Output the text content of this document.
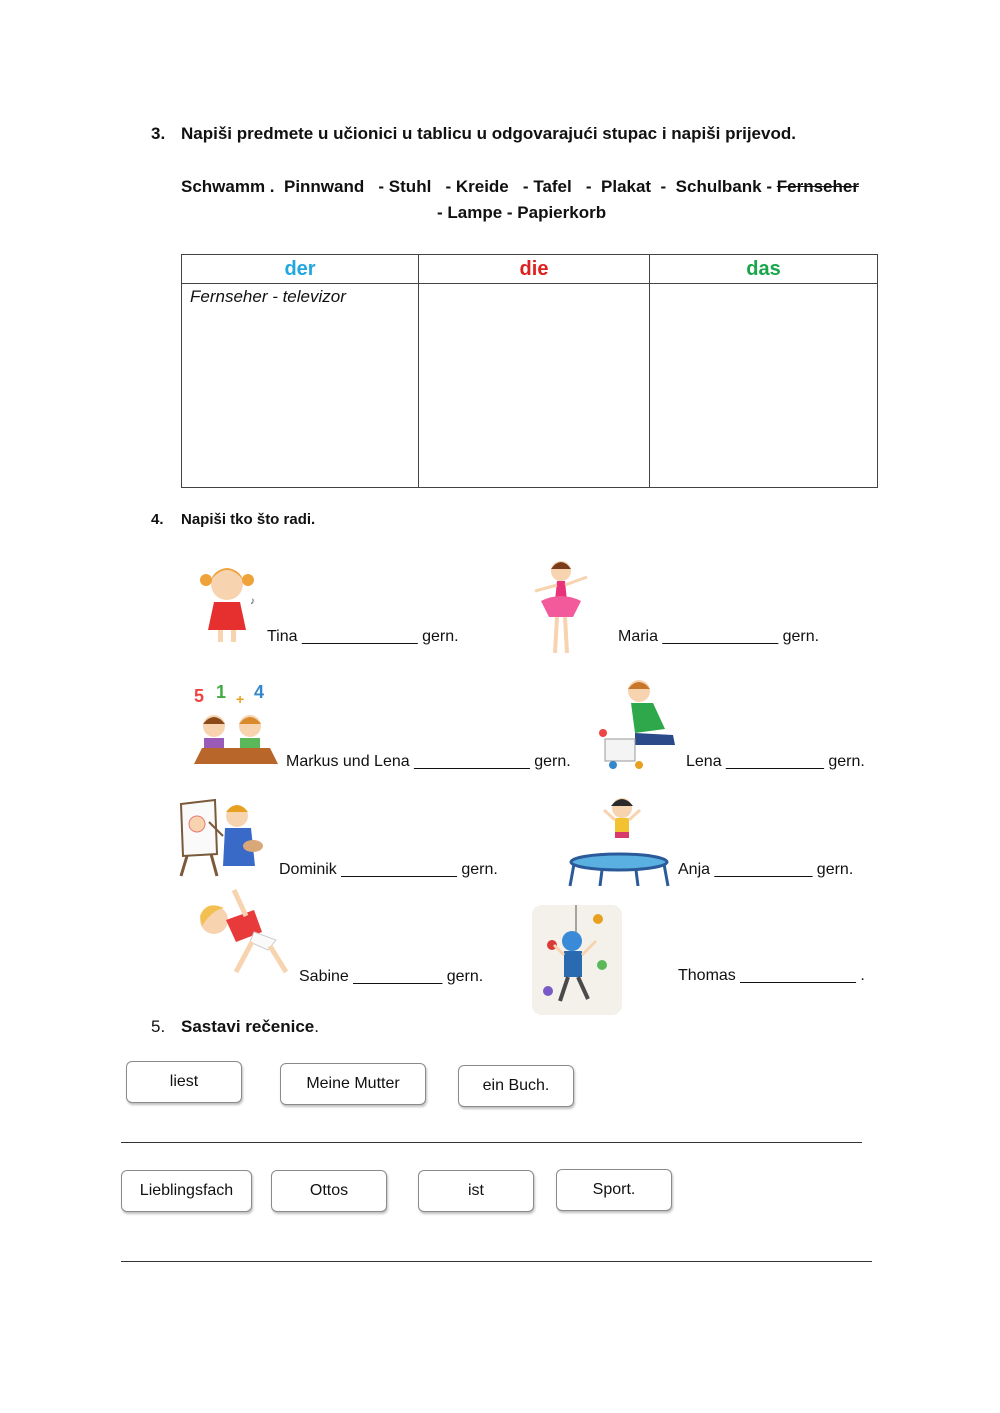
3. Napiši predmete u učionici u tablicu u odgovarajući stupac i napiši prijevod.
Schwamm .  Pinnwand   - Stuhl   - Kreide   - Tafel   -  Plakat  -  Schulbank - Fernseher
- Lampe - Papierkorb
der	die	das
Fernseher - televizor		
4. Napiši tko što radi.
♪
Tina _____________ gern.	Maria _____________ gern.
5 1 + 4
Markus und Lena _____________ gern.	Lena ___________ gern.
Dominik _____________ gern.	Anja ___________ gern.
Sabine __________ gern.	Thomas _____________ .
5. Sastavi rečenice.
liest	Meine Mutter	ein Buch.
Lieblingsfach	Ottos	ist	Sport.
